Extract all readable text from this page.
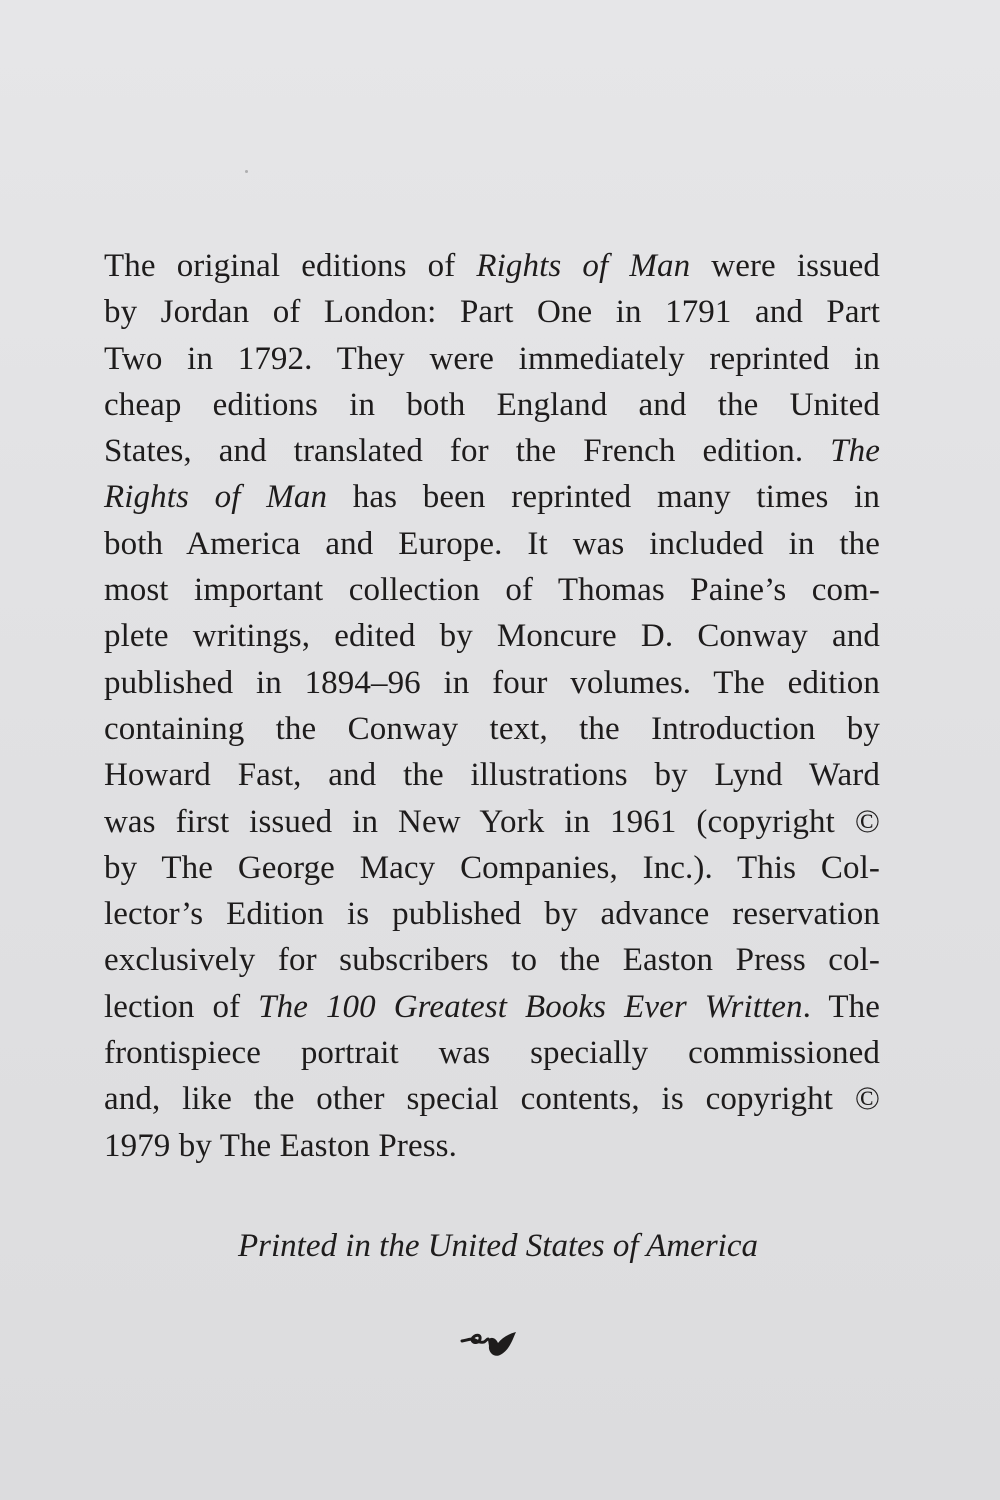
The original editions of Rights of Man were issued
by Jordan of London: Part One in 1791 and Part
Two in 1792. They were immediately reprinted in
cheap editions in both England and the United
States, and translated for the French edition. The
Rights of Man has been reprinted many times in
both America and Europe. It was included in the
most important collection of Thomas Paine’s com-
plete writings, edited by Moncure D. Conway and
published in 1894–96 in four volumes. The edition
containing the Conway text, the Introduction by
Howard Fast, and the illustrations by Lynd Ward
was first issued in New York in 1961 (copyright ©
by The George Macy Companies, Inc.). This Col-
lector’s Edition is published by advance reservation
exclusively for subscribers to the Easton Press col-
lection of The 100 Greatest Books Ever Written. The
frontispiece portrait was specially commissioned
and, like the other special contents, is copyright ©
1979 by The Easton Press.
Printed in the United States of America
